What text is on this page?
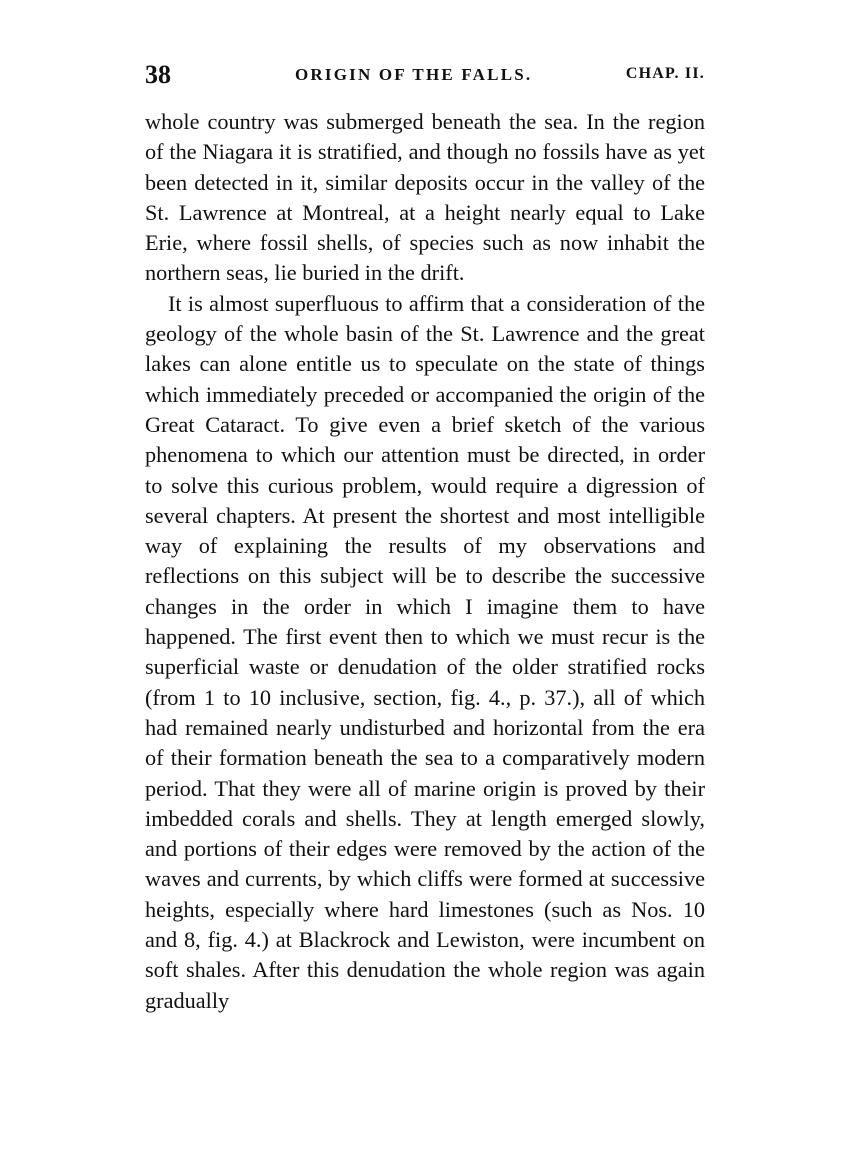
38	ORIGIN OF THE FALLS.	CHAP. II.

whole country was submerged beneath the sea. In the region of the Niagara it is stratified, and though no fossils have as yet been detected in it, similar deposits occur in the valley of the St. Lawrence at Montreal, at a height nearly equal to Lake Erie, where fossil shells, of species such as now inhabit the northern seas, lie buried in the drift.

It is almost superfluous to affirm that a consideration of the geology of the whole basin of the St. Lawrence and the great lakes can alone entitle us to speculate on the state of things which immediately preceded or accompanied the origin of the Great Cataract. To give even a brief sketch of the various phenomena to which our attention must be directed, in order to solve this curious problem, would require a digression of several chapters. At present the shortest and most intelligible way of explaining the results of my observations and reflections on this subject will be to describe the successive changes in the order in which I imagine them to have happened. The first event then to which we must recur is the superficial waste or denudation of the older stratified rocks (from 1 to 10 inclusive, section, fig. 4., p. 37.), all of which had remained nearly undisturbed and horizontal from the era of their formation beneath the sea to a comparatively modern period. That they were all of marine origin is proved by their imbedded corals and shells. They at length emerged slowly, and portions of their edges were removed by the action of the waves and currents, by which cliffs were formed at successive heights, especially where hard limestones (such as Nos. 10 and 8, fig. 4.) at Blackrock and Lewiston, were incumbent on soft shales. After this denudation the whole region was again gradually
